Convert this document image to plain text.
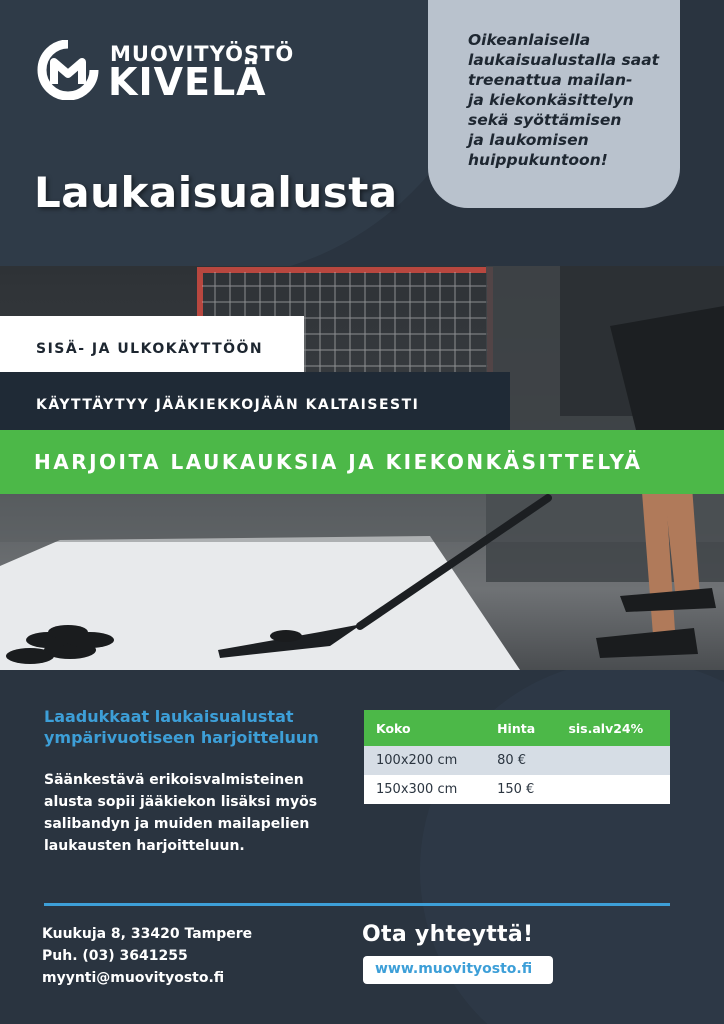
MUOVITYÖSTÖ
KIVELÄ
Oikeanlaisella
laukaisualustalla saat
treenattua mailan-
ja kiekonkäsittelyn
sekä syöttämisen
ja laukomisen
huippukuntoon!
Laukaisualusta
SISÄ- JA ULKOKÄYTTÖÖN
KÄYTTÄYTYY JÄÄKIEKKOJÄÄN KALTAISESTI
HARJOITA LAUKAUKSIA JA KIEKONKÄSITTELYÄ
Laadukkaat laukaisualustat
ympärivuotiseen harjoitteluun
Säänkestävä erikoisvalmisteinen
alusta sopii jääkiekon lisäksi myös
salibandyn ja muiden mailapelien
laukausten harjoitteluun.
Koko	Hinta	sis.alv24%
100x200 cm	80 €	
150x300 cm	150 €	
Kuukuja 8, 33420 Tampere
Puh. (03) 3641255
myynti@muovityosto.fi
Ota yhteyttä!
www.muovityosto.fi
